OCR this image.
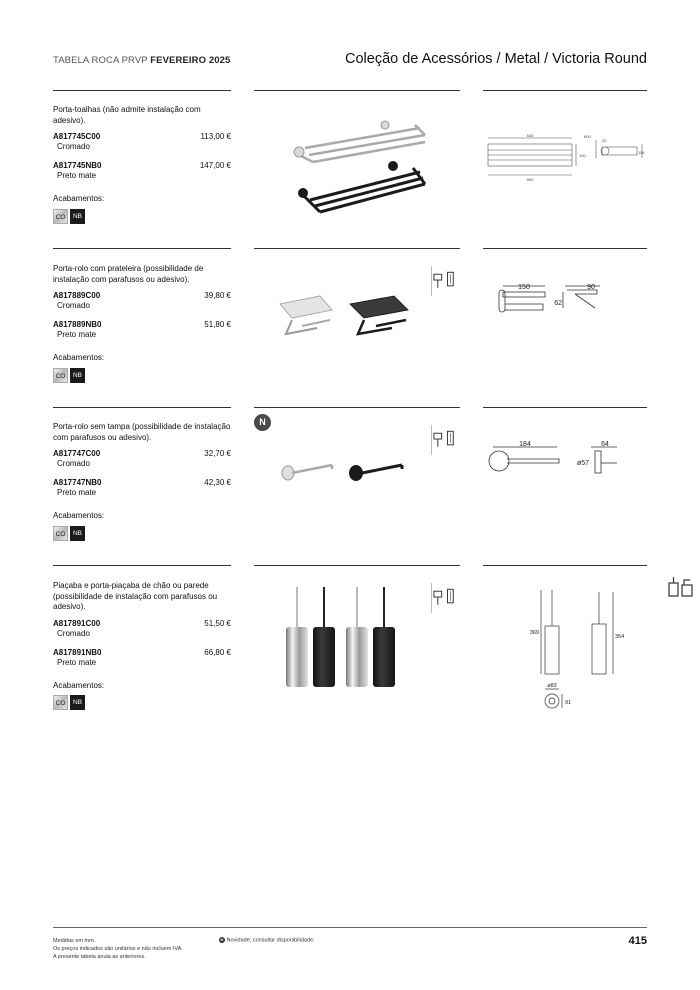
TABELA ROCA PRVP FEVEREIRO 2025	Coleção de Acessórios / Metal / Victoria Round
Porta-toalhas (não admite instalação com adesivo).
A817745C00	113,00 €
Cromado
A817745NB0	147,00 €
Preto mate
Acabamentos:
CO	NB
530
590
100
20
114
600
Porta-rolo com prateleira (possibilidade de instalação com parafusos ou adesivo).
A817889C00	39,80 €
Cromado
A817889NB0	51,80 €
Preto mate
Acabamentos:
CO	NB
150	90
62
Porta-rolo sem tampa (possibilidade de instalação com parafusos ou adesivo).
A817747C00	32,70 €
Cromado
A817747NB0	42,30 €
Preto mate
Acabamentos:
CO	NB
N
184	64
ø57
Piaçaba e porta-piaçaba de chão ou parede (possibilidade de instalação com parafusos ou adesivo).
A817891C00	51,50 €
Cromado
A817891NB0	66,80 €
Preto mate
Acabamentos:
CO	NB
369
354
ø83
91
Medidas em mm.
Os preços indicados são unitários e não incluem IVA.
A presente tabela anula as anteriores.
N Novidade, consultar disponibilidade.	415
